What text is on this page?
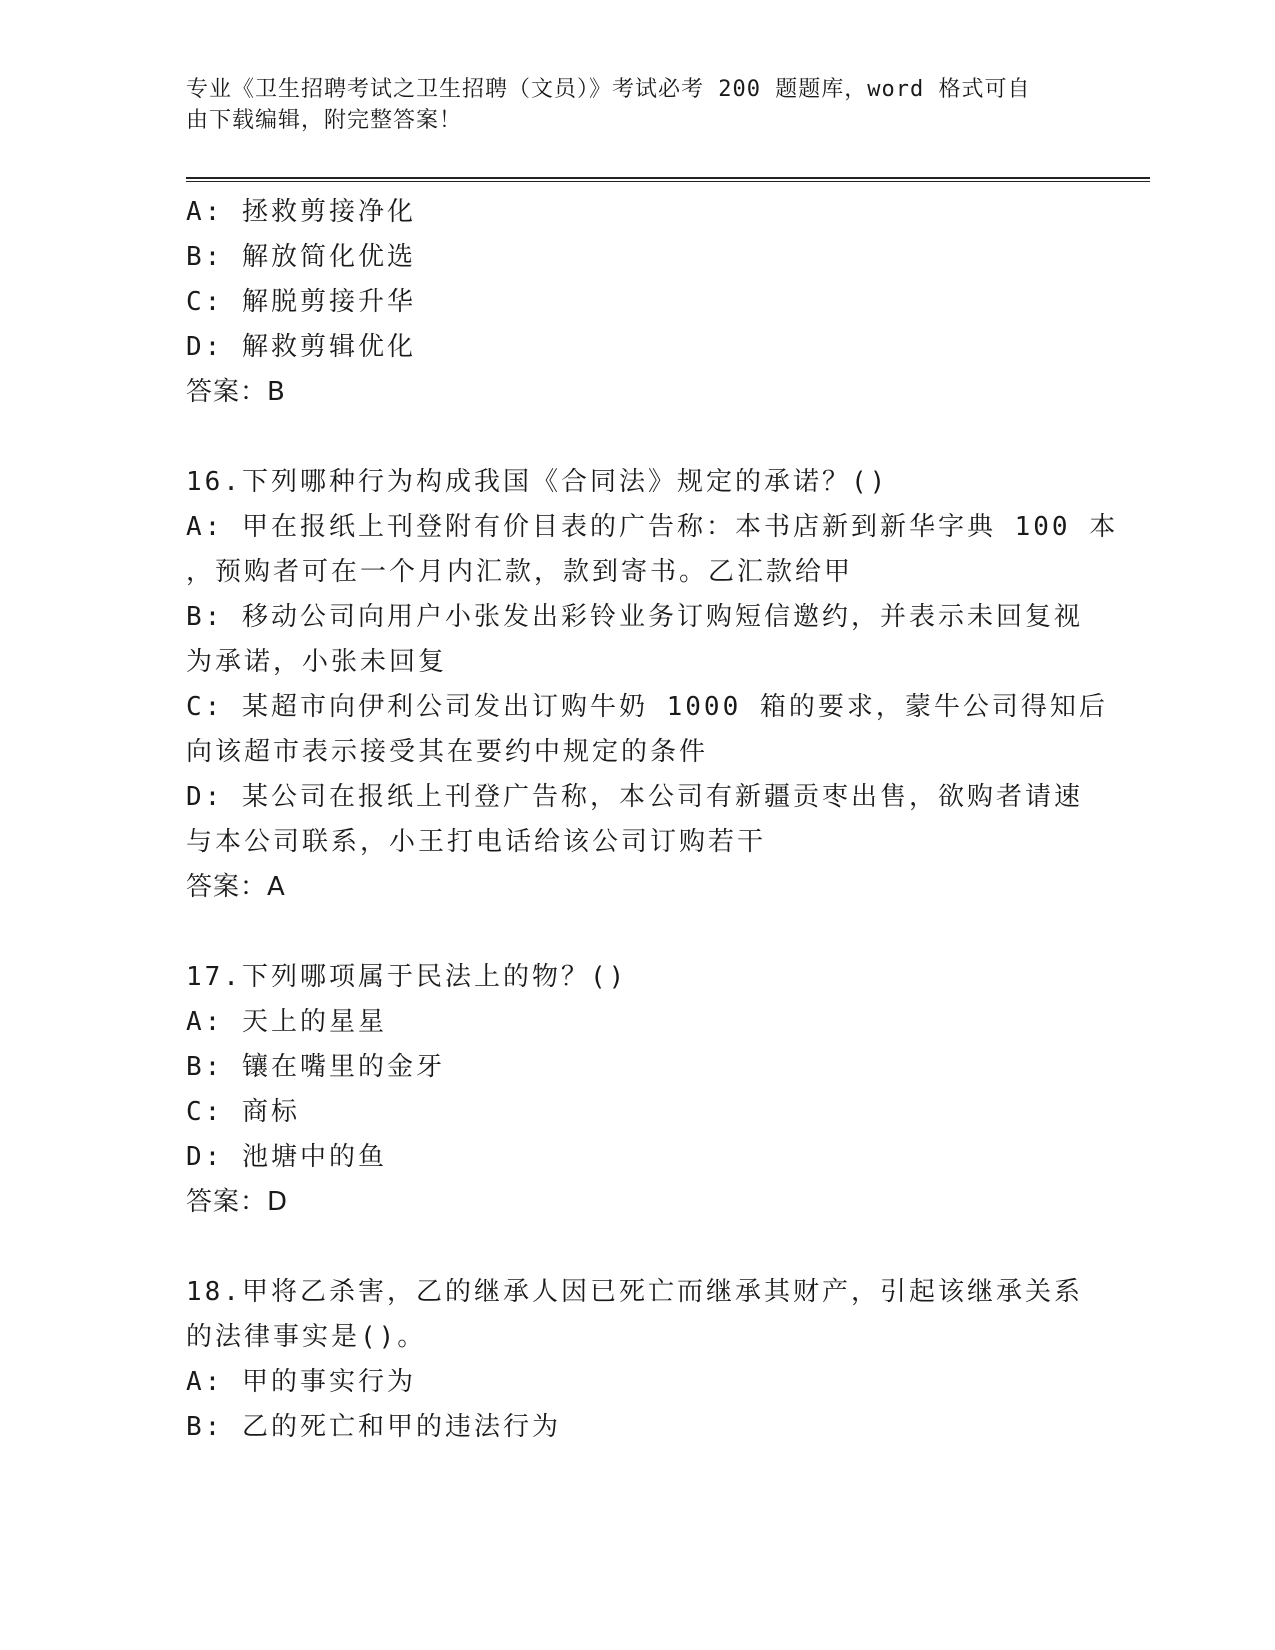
专业《卫生招聘考试之卫生招聘（文员）》考试必考 200 题题库，word 格式可自
由下载编辑，附完整答案！
A: 拯救剪接净化
B: 解放简化优选
C: 解脱剪接升华
D: 解救剪辑优化
答案：B
16.下列哪种行为构成我国《合同法》规定的承诺？()
A: 甲在报纸上刊登附有价目表的广告称：本书店新到新华字典 100 本
，预购者可在一个月内汇款，款到寄书。乙汇款给甲
B: 移动公司向用户小张发出彩铃业务订购短信邀约，并表示未回复视
为承诺，小张未回复
C: 某超市向伊利公司发出订购牛奶 1000 箱的要求，蒙牛公司得知后
向该超市表示接受其在要约中规定的条件
D: 某公司在报纸上刊登广告称，本公司有新疆贡枣出售，欲购者请速
与本公司联系，小王打电话给该公司订购若干
答案：A
17.下列哪项属于民法上的物？()
A: 天上的星星
B: 镶在嘴里的金牙
C: 商标
D: 池塘中的鱼
答案：D
18.甲将乙杀害，乙的继承人因已死亡而继承其财产，引起该继承关系
的法律事实是()。
A: 甲的事实行为
B: 乙的死亡和甲的违法行为
